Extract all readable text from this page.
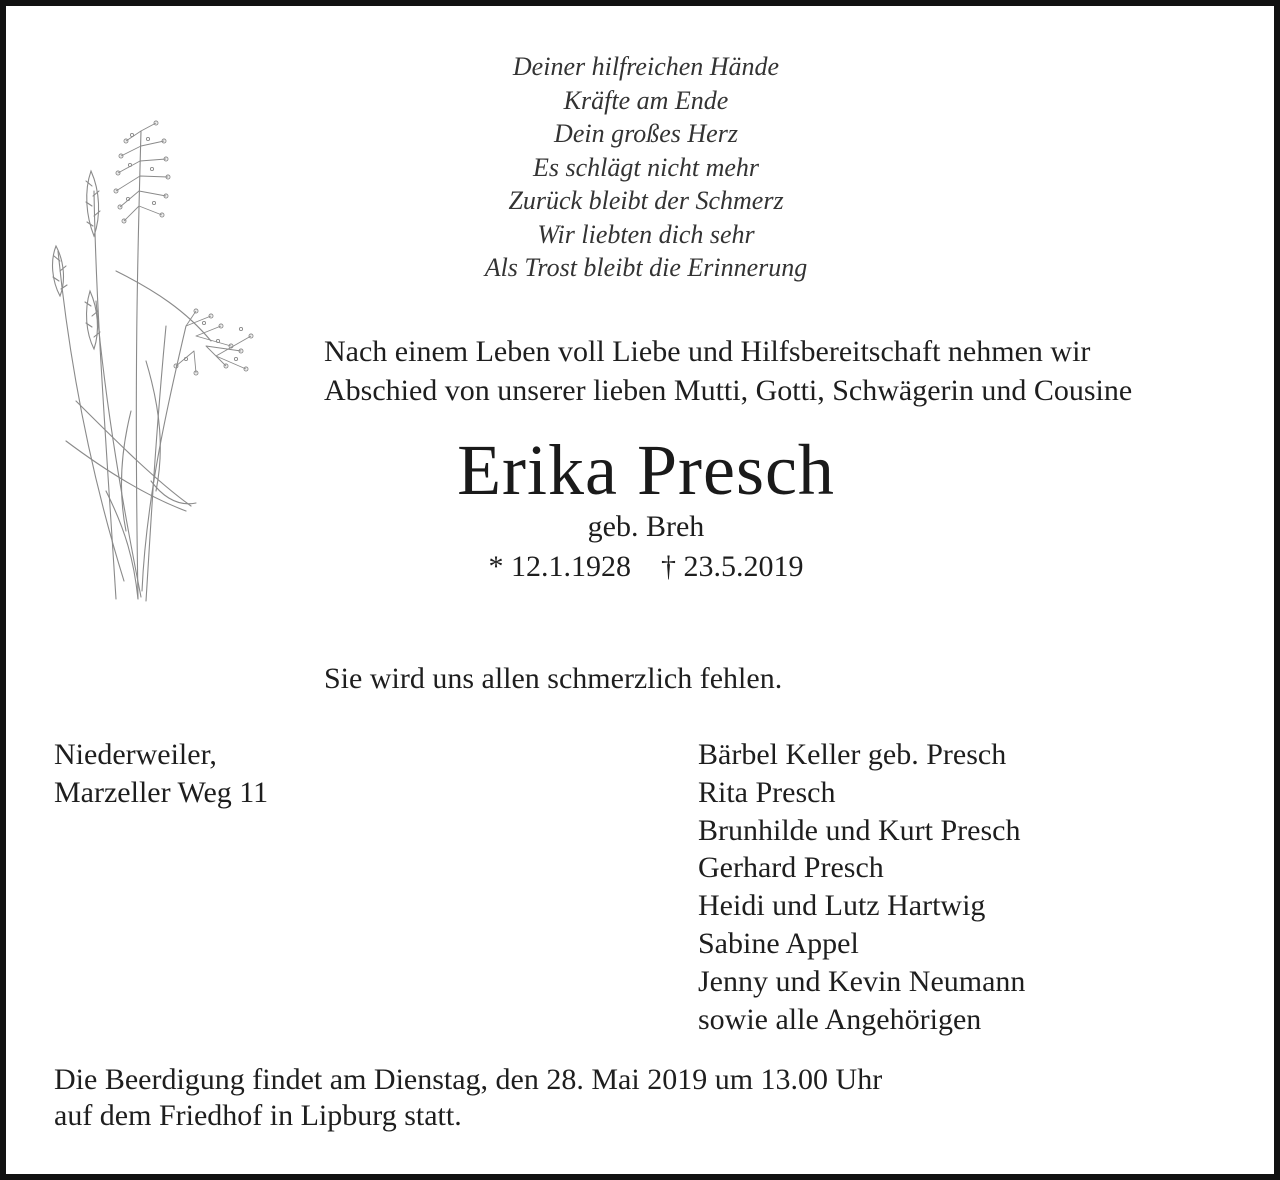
Deiner hilfreichen Hände
Kräfte am Ende
Dein großes Herz
Es schlägt nicht mehr
Zurück bleibt der Schmerz
Wir liebten dich sehr
Als Trost bleibt die Erinnerung
Nach einem Leben voll Liebe und Hilfsbereitschaft nehmen wir
Abschied von unserer lieben Mutti, Gotti, Schwägerin und Cousine
Erika Presch
geb. Breh
* 12.1.1928    † 23.5.2019
Sie wird uns allen schmerzlich fehlen.
Niederweiler,
Marzeller Weg 11
Bärbel Keller geb. Presch
Rita Presch
Brunhilde und Kurt Presch
Gerhard Presch
Heidi und Lutz Hartwig
Sabine Appel
Jenny und Kevin Neumann
sowie alle Angehörigen
Die Beerdigung findet am Dienstag, den 28. Mai 2019 um 13.00 Uhr
auf dem Friedhof in Lipburg statt.
